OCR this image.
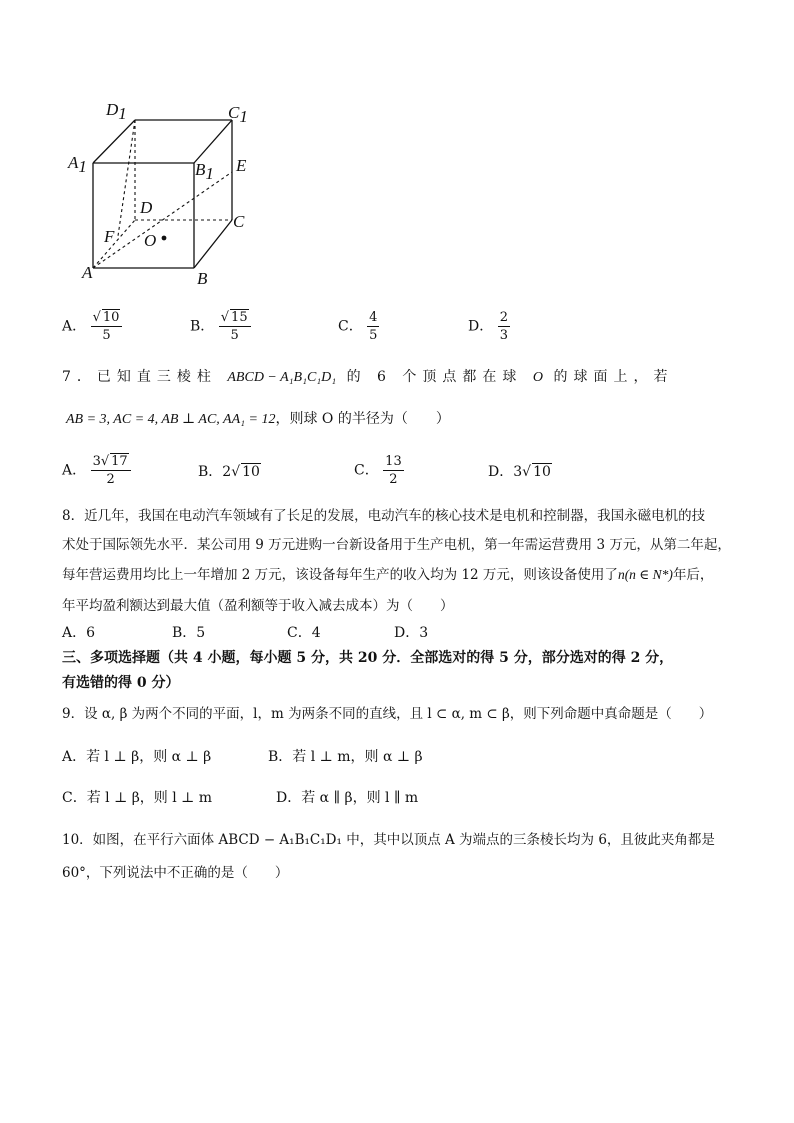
D1	C1
A1	B1 E
D
C
F O
A	B
A． $\frac{√ 10}{5}$	B． $\frac{√ 15}{5}$	C． $\frac{4}{5}$	D． $\frac{2}{3}$
7．已知直三棱柱 ABCD − A₁B₁C₁D₁ 的 6 个顶点都在球 O 的球面上，若
AB = 3, AC = 4, AB ⊥ AC, AA₁ = 12，则球 O 的半径为（　　）
A． $\frac{3√ 17}{2}$	B．2√ 10	C． $\frac{13}{2}$	D．3√ 10
8．近几年，我国在电动汽车领域有了长足的发展，电动汽车的核心技术是电机和控制器，我国永磁电机的技
术处于国际领先水平．某公司用 9 万元进购一台新设备用于生产电机，第一年需运营费用 3 万元，从第二年起，
每年营运费用均比上一年增加 2 万元，该设备每年生产的收入均为 12 万元，则该设备使用了n(n ∈ N*)年后，
年平均盈利额达到最大值（盈利额等于收入减去成本）为（　　）
A．6	B．5	C．4	D．3
三、多项选择题（共 4 小题，每小题 5 分，共 20 分．全部选对的得 5 分，部分选对的得 2 分，
有选错的得 0 分）
9．设 α, β 为两个不同的平面，l，m 为两条不同的直线，且 l ⊂ α, m ⊂ β，则下列命题中真命题是（　　）
A．若 l ⊥ β，则 α ⊥ β	B．若 l ⊥ m，则 α ⊥ β
C．若 l ⊥ β，则 l ⊥ m	D．若 α ∥ β，则 l ∥ m
10．如图，在平行六面体 ABCD − A₁B₁C₁D₁ 中，其中以顶点 A 为端点的三条棱长均为 6，且彼此夹角都是
60°，下列说法中不正确的是（　　）
